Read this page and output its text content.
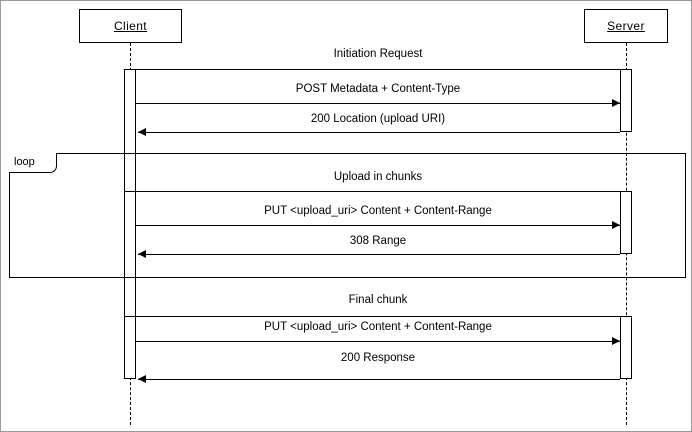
Client	Server
Initiation Request
POST Metadata + Content-Type
200 Location (upload URI)
loop
Upload in chunks
PUT <upload_uri> Content + Content-Range
308 Range
Final chunk
PUT <upload_uri> Content + Content-Range
200 Response
